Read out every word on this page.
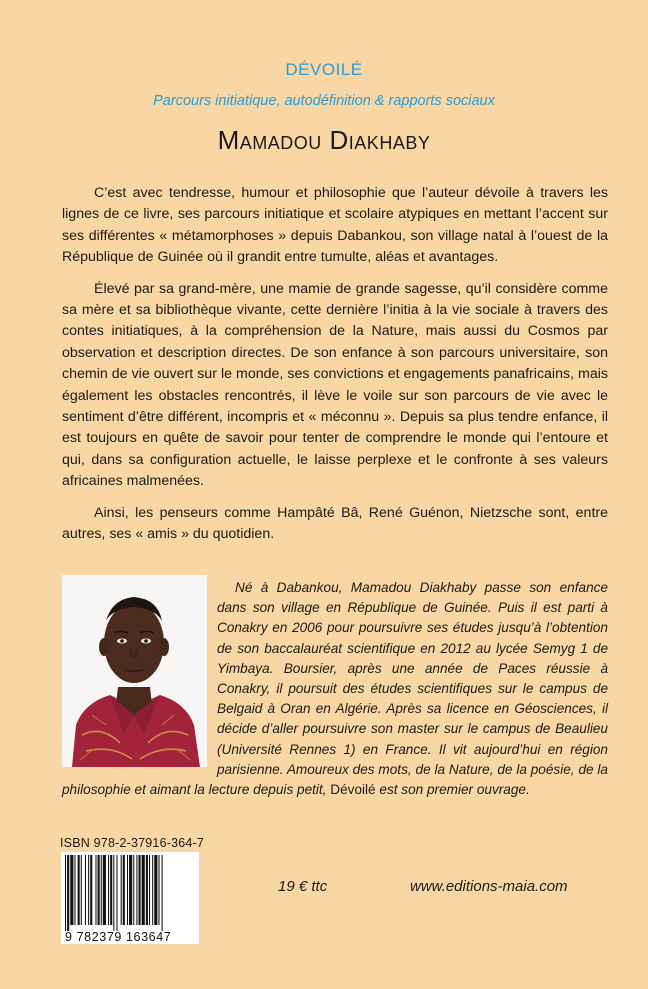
DÉVOILÉ
Parcours initiatique, autodéfinition & rapports sociaux
Mamadou Diakhaby

C’est avec tendresse, humour et philosophie que l’auteur dévoile à travers les lignes de ce livre, ses parcours initiatique et scolaire atypiques en mettant l’accent sur ses différentes « métamorphoses » depuis Dabankou, son village natal à l’ouest de la République de Guinée où il grandit entre tumulte, aléas et avantages.

Élevé par sa grand-mère, une mamie de grande sagesse, qu’il considère comme sa mère et sa bibliothèque vivante, cette dernière l’initia à la vie sociale à travers des contes initiatiques, à la compréhension de la Nature, mais aussi du Cosmos par observation et description directes. De son enfance à son parcours universitaire, son chemin de vie ouvert sur le monde, ses convictions et engagements panafricains, mais également les obstacles rencontrés, il lève le voile sur son parcours de vie avec le sentiment d’être différent, incompris et « méconnu ». Depuis sa plus tendre enfance, il est toujours en quête de savoir pour tenter de comprendre le monde qui l’entoure et qui, dans sa configuration actuelle, le laisse perplexe et le confronte à ses valeurs africaines malmenées.

Ainsi, les penseurs comme Hampâté Bâ, René Guénon, Nietzsche sont, entre autres, ses « amis » du quotidien.

Né à Dabankou, Mamadou Diakhaby passe son enfance dans son village en République de Guinée. Puis il est parti à Conakry en 2006 pour poursuivre ses études jusqu’à l’obtention de son baccalauréat scientifique en 2012 au lycée Semyg 1 de Yimbaya. Boursier, après une année de Paces réussie à Conakry, il poursuit des études scientifiques sur le campus de Belgaid à Oran en Algérie. Après sa licence en Géosciences, il décide d’aller poursuivre son master sur le campus de Beaulieu (Université Rennes 1) en France. Il vit aujourd’hui en région parisienne. Amoureux des mots, de la Nature, de la poésie, de la philosophie et aimant la lecture depuis petit, Dévoilé est son premier ouvrage.

ISBN 978-2-37916-364-7
9 782379 163647
19 € ttc	www.editions-maia.com
